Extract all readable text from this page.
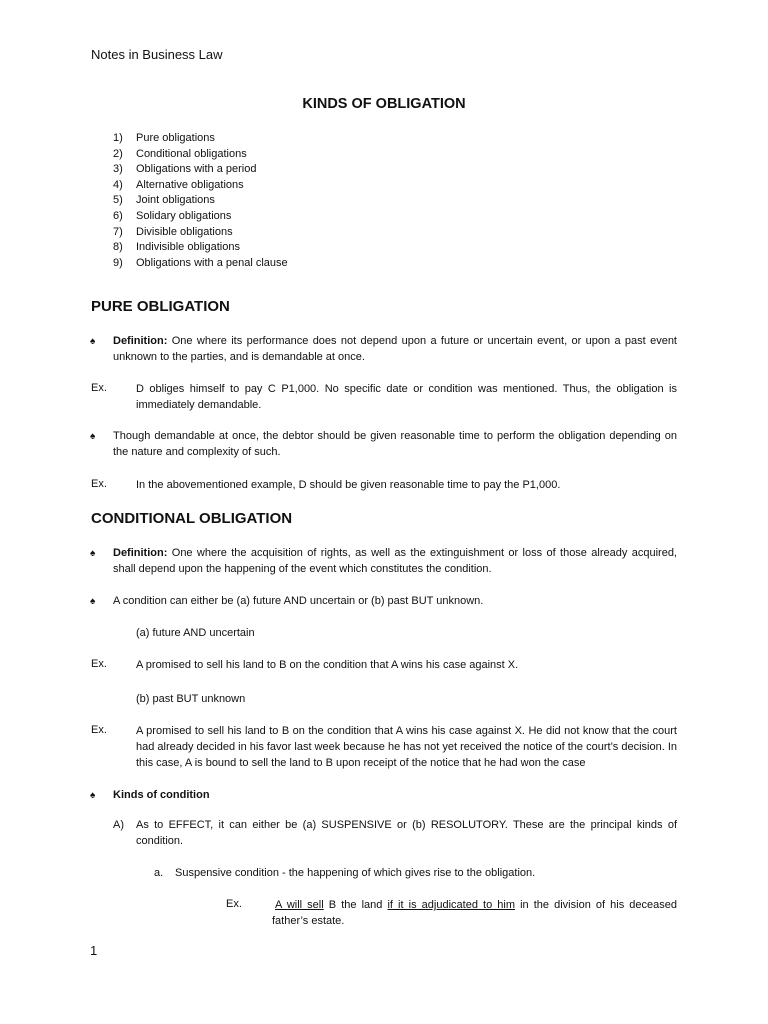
Notes in Business Law
KINDS OF OBLIGATION
1)	Pure obligations
2)	Conditional obligations
3)	Obligations with a period
4)	Alternative obligations
5)	Joint obligations
6)	Solidary obligations
7)	Divisible obligations
8)	Indivisible obligations
9)	Obligations with a penal clause
PURE OBLIGATION
♠ Definition: One where its performance does not depend upon a future or uncertain event, or upon a past event unknown to the parties, and is demandable at once.
Ex.	D obliges himself to pay C P1,000. No specific date or condition was mentioned. Thus, the obligation is immediately demandable.
♠ Though demandable at once, the debtor should be given reasonable time to perform the obligation depending on the nature and complexity of such.
Ex.	In the abovementioned example, D should be given reasonable time to pay the P1,000.
CONDITIONAL OBLIGATION
♠ Definition: One where the acquisition of rights, as well as the extinguishment or loss of those already acquired, shall depend upon the happening of the event which constitutes the condition.
♠ A condition can either be (a) future AND uncertain or (b) past BUT unknown.
(a) future AND uncertain
Ex.	A promised to sell his land to B on the condition that A wins his case against X.
(b) past BUT unknown
Ex.	A promised to sell his land to B on the condition that A wins his case against X. He did not know that the court had already decided in his favor last week because he has not yet received the notice of the court’s decision. In this case, A is bound to sell the land to B upon receipt of the notice that he had won the case
♠ Kinds of condition
A) As to EFFECT, it can either be (a) SUSPENSIVE or (b) RESOLUTORY. These are the principal kinds of condition.
a. Suspensive condition - the happening of which gives rise to the obligation.
Ex.	A will sell B the land if it is adjudicated to him in the division of his deceased father’s estate.
1
